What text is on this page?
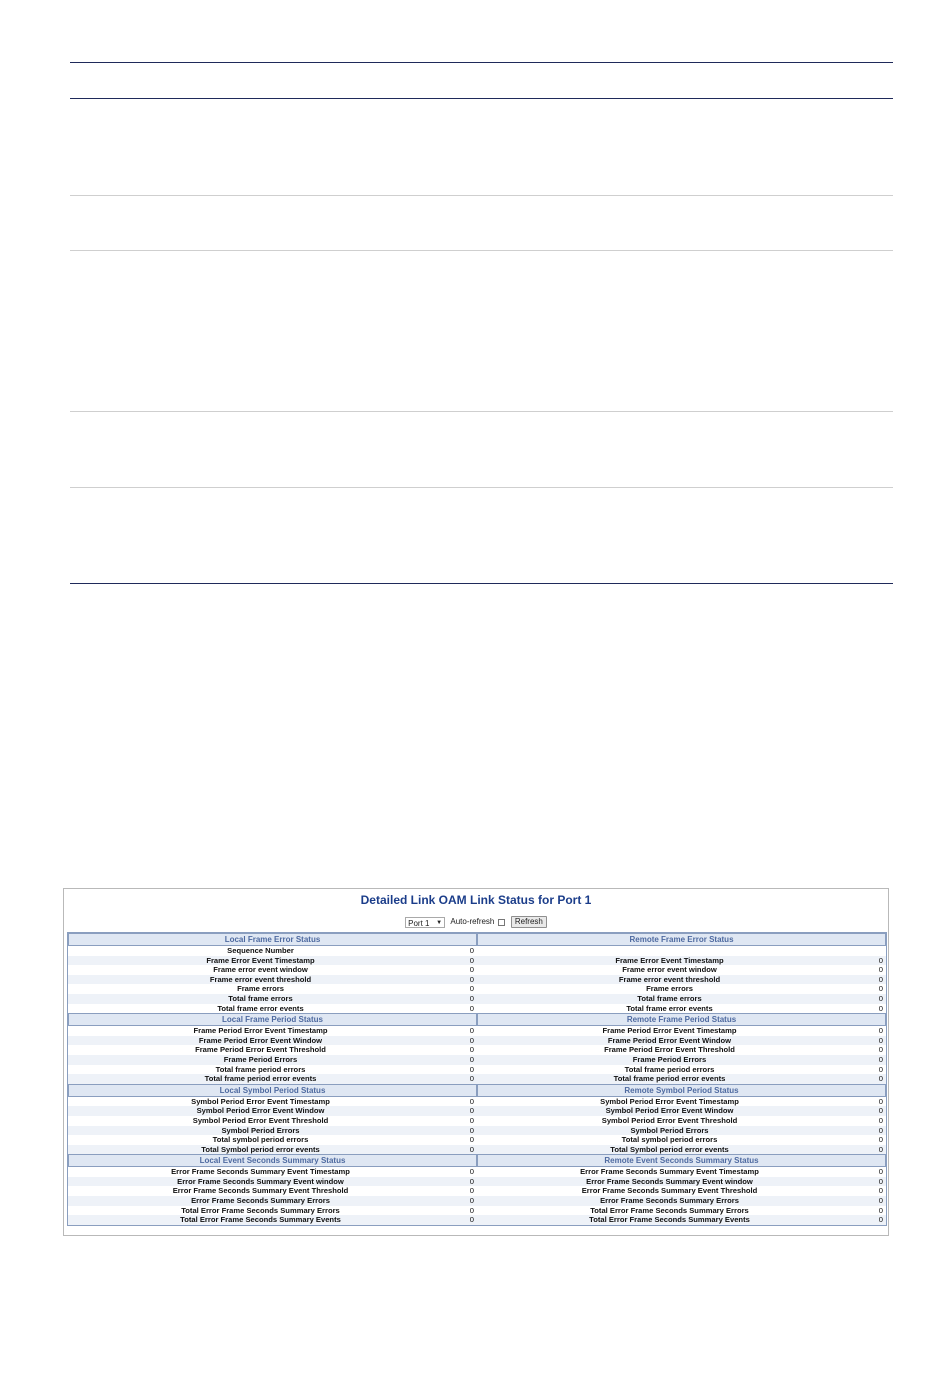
Detailed Link OAM Link Status for Port 1
Port 1 ▼ Auto-refresh	Refresh
Local Frame Error Status	Remote Frame Error Status
Sequence Number	0
Frame Error Event Timestamp	0	Frame Error Event Timestamp	0
Frame error event window	0	Frame error event window	0
Frame error event threshold	0	Frame error event threshold	0
Frame errors	0	Frame errors	0
Total frame errors	0	Total frame errors	0
Total frame error events	0	Total frame error events	0
Local Frame Period Status	Remote Frame Period Status
Frame Period Error Event Timestamp	0	Frame Period Error Event Timestamp	0
Frame Period Error Event Window	0	Frame Period Error Event Window	0
Frame Period Error Event Threshold	0	Frame Period Error Event Threshold	0
Frame Period Errors	0	Frame Period Errors	0
Total frame period errors	0	Total frame period errors	0
Total frame period error events	0	Total frame period error events	0
Local Symbol Period Status	Remote Symbol Period Status
Symbol Period Error Event Timestamp	0	Symbol Period Error Event Timestamp	0
Symbol Period Error Event Window	0	Symbol Period Error Event Window	0
Symbol Period Error Event Threshold	0	Symbol Period Error Event Threshold	0
Symbol Period Errors	0	Symbol Period Errors	0
Total symbol period errors	0	Total symbol period errors	0
Total Symbol period error events	0	Total Symbol period error events	0
Local Event Seconds Summary Status	Remote Event Seconds Summary Status
Error Frame Seconds Summary Event Timestamp	0	Error Frame Seconds Summary Event Timestamp	0
Error Frame Seconds Summary Event window	0	Error Frame Seconds Summary Event window	0
Error Frame Seconds Summary Event Threshold	0	Error Frame Seconds Summary Event Threshold	0
Error Frame Seconds Summary Errors	0	Error Frame Seconds Summary Errors	0
Total Error Frame Seconds Summary Errors	0	Total Error Frame Seconds Summary Errors	0
Total Error Frame Seconds Summary Events	0	Total Error Frame Seconds Summary Events	0
